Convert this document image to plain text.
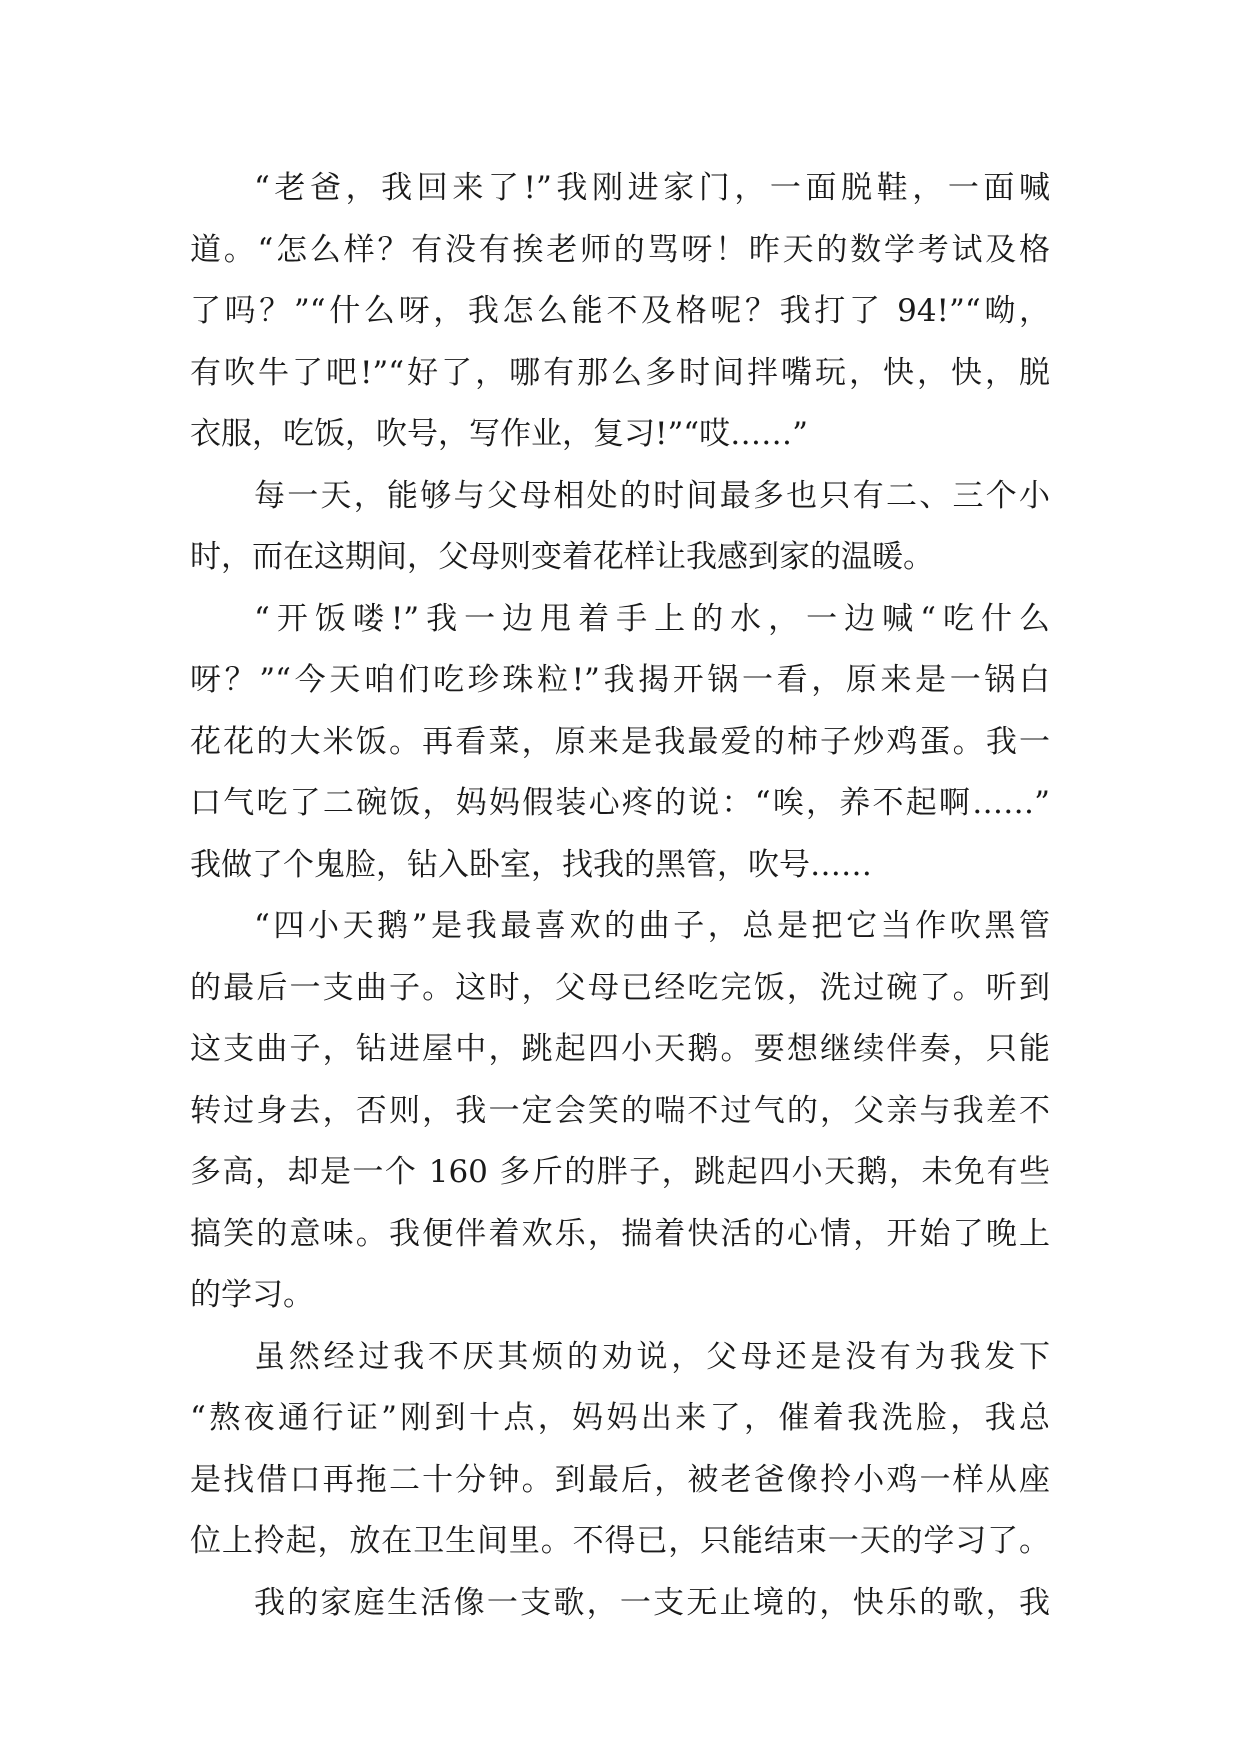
“老爸，我回来了!”我刚进家门，一面脱鞋，一面喊
道。“怎么样？有没有挨老师的骂呀！昨天的数学考试及格
了吗？”“什么呀，我怎么能不及格呢？我打了 94!”“呦，
有吹牛了吧!”“好了，哪有那么多时间拌嘴玩，快，快，脱
衣服，吃饭，吹号，写作业，复习!”“哎……”
每一天，能够与父母相处的时间最多也只有二、三个小
时，而在这期间，父母则变着花样让我感到家的温暖。
“开饭喽!”我一边甩着手上的水，一边喊“吃什么
呀？”“今天咱们吃珍珠粒!”我揭开锅一看，原来是一锅白
花花的大米饭。再看菜，原来是我最爱的柿子炒鸡蛋。我一
口气吃了二碗饭，妈妈假装心疼的说：“唉，养不起啊……”
我做了个鬼脸，钻入卧室，找我的黑管，吹号……
“四小天鹅”是我最喜欢的曲子，总是把它当作吹黑管
的最后一支曲子。这时，父母已经吃完饭，洗过碗了。听到
这支曲子，钻进屋中，跳起四小天鹅。要想继续伴奏，只能
转过身去，否则，我一定会笑的喘不过气的，父亲与我差不
多高，却是一个 160 多斤的胖子，跳起四小天鹅，未免有些
搞笑的意味。我便伴着欢乐，揣着快活的心情，开始了晚上
的学习。
虽然经过我不厌其烦的劝说，父母还是没有为我发下
“熬夜通行证”刚到十点，妈妈出来了，催着我洗脸，我总
是找借口再拖二十分钟。到最后，被老爸像拎小鸡一样从座
位上拎起，放在卫生间里。不得已，只能结束一天的学习了。
我的家庭生活像一支歌，一支无止境的，快乐的歌，我
